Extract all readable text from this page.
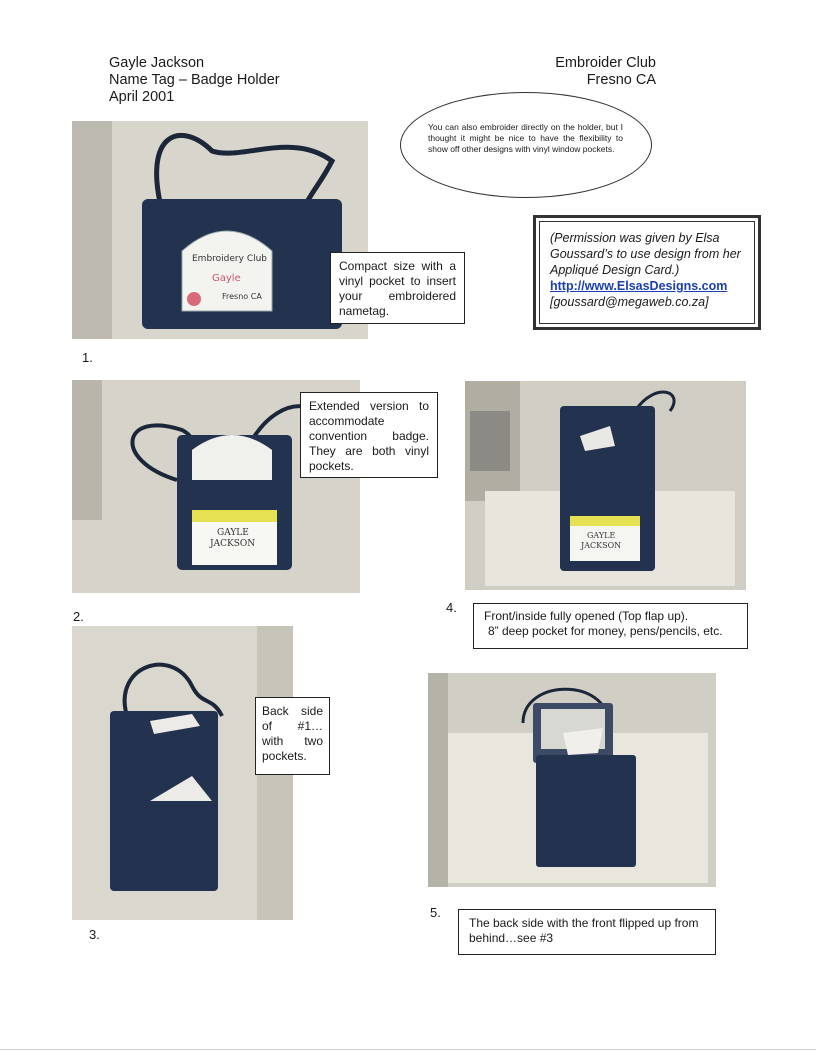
Gayle Jackson

Name Tag – Badge Holder

April 2001

Embroider Club

Fresno CA

You can also embroider directly on the holder, but I thought it might be nice to have the flexibility to show off other designs with vinyl window pockets.
(Permission was given by Elsa Goussard’s to use design from her Appliqué Design Card.)
http://www.ElsasDesigns.com
[goussard@megaweb.co.za]
Embroidery Club
Gayle
Fresno CA
Compact size with a vinyl pocket to insert your embroidered nametag.
1.
GAYLE
JACKSON
Extended version to accommodate convention badge. They are both vinyl pockets.
2.
GAYLE
JACKSON
4.
Front/inside fully opened (Top flap up).
8” deep pocket for money, pens/pencils, etc.
Back side of #1… with two pockets.
3.
5.
The back side with the front flipped up from behind…see #3
